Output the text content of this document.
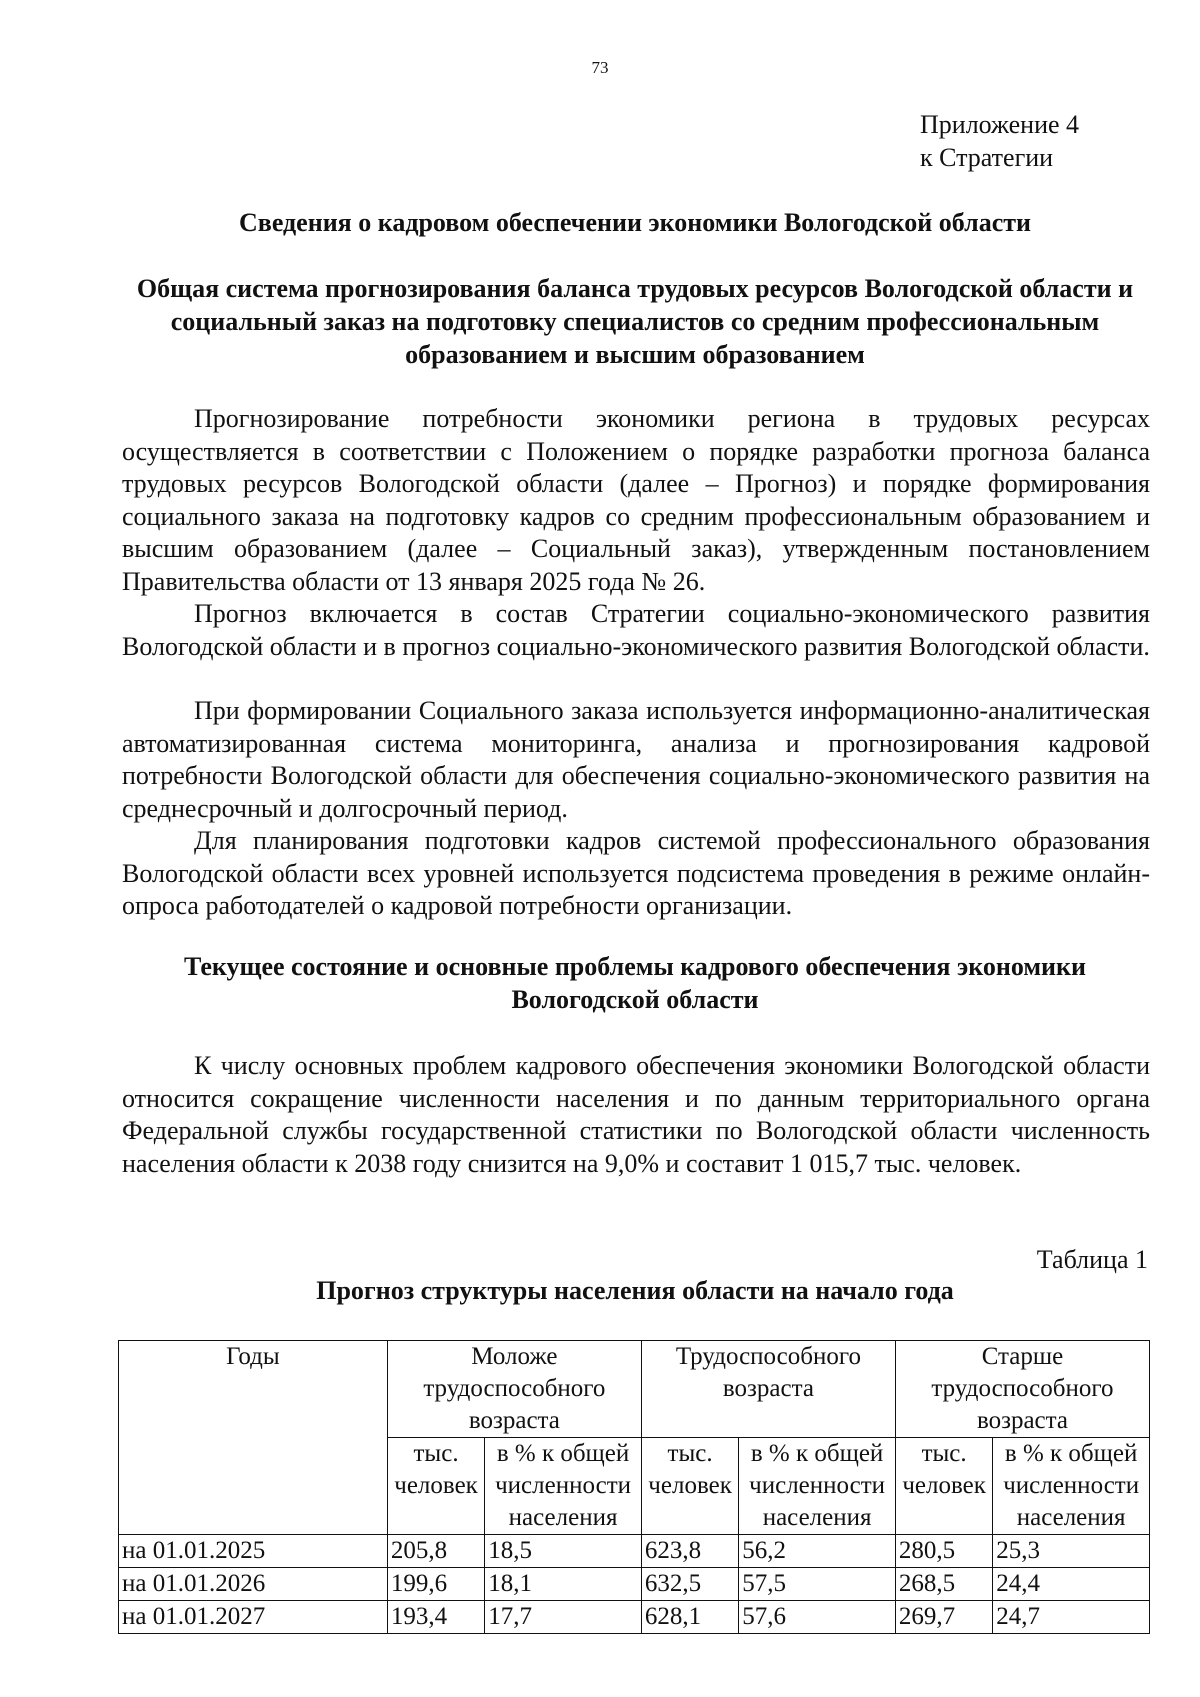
73
Приложение 4
к Стратегии
Сведения о кадровом обеспечении экономики Вологодской области
Общая система прогнозирования баланса трудовых ресурсов Вологодской области и социальный заказ на подготовку специалистов со средним профессиональным образованием и высшим образованием
Прогнозирование потребности экономики региона в трудовых ресурсах осуществляется в соответствии с Положением о порядке разработки прогноза баланса трудовых ресурсов Вологодской области (далее – Прогноз) и порядке формирования социального заказа на подготовку кадров со средним профессиональным образованием и высшим образованием (далее – Социальный заказ), утвержденным постановлением Правительства области от 13 января 2025 года № 26.
Прогноз включается в состав Стратегии социально-экономического развития Вологодской области и в прогноз социально-экономического развития Вологодской области.
При формировании Социального заказа используется информационно-аналитическая автоматизированная система мониторинга, анализа и прогнозирования кадровой потребности Вологодской области для обеспечения социально-экономического развития на среднесрочный и долгосрочный период.
Для планирования подготовки кадров системой профессионального образования Вологодской области всех уровней используется подсистема проведения в режиме онлайн-опроса работодателей о кадровой потребности организации.
Текущее состояние и основные проблемы кадрового обеспечения экономики Вологодской области
К числу основных проблем кадрового обеспечения экономики Вологодской области относится сокращение численности населения и по данным территориального органа Федеральной службы государственной статистики по Вологодской области численность населения области к 2038 году снизится на 9,0% и составит 1 015,7 тыс. человек.
Таблица 1
Прогноз структуры населения области на начало года
Годы	Моложе трудоспособного возраста		Трудоспособного возраста		Старше трудоспособного возраста	
	тыс. человек	в % к общей численности населения	тыс. человек	в % к общей численности населения	тыс. человек	в % к общей численности населения
на 01.01.2025	205,8	18,5	623,8	56,2	280,5	25,3
на 01.01.2026	199,6	18,1	632,5	57,5	268,5	24,4
на 01.01.2027	193,4	17,7	628,1	57,6	269,7	24,7
